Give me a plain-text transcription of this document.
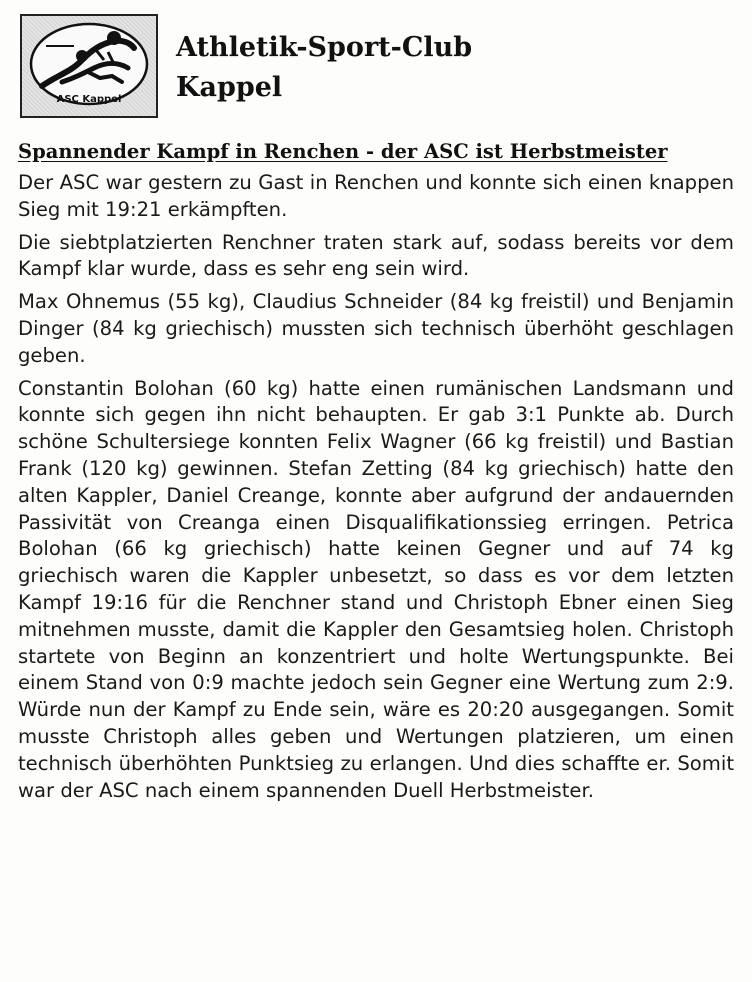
ASC Kappel
Athletik-Sport-Club
Kappel
Spannender Kampf in Renchen - der ASC ist Herbstmeister

Der ASC war gestern zu Gast in Renchen und konnte sich einen knappen Sieg mit 19:21 erkämpften.

Die siebtplatzierten Renchner traten stark auf, sodass bereits vor dem Kampf klar wurde, dass es sehr eng sein wird.

Max Ohnemus (55 kg), Claudius Schneider (84 kg freistil) und Benjamin Dinger (84 kg griechisch) mussten sich technisch überhöht geschlagen geben.

Constantin Bolohan (60 kg) hatte einen rumänischen Landsmann und konnte sich gegen ihn nicht behaupten. Er gab 3:1 Punkte ab. Durch schöne Schultersiege konnten Felix Wagner (66 kg freistil) und Bastian Frank (120 kg) gewinnen. Stefan Zetting (84 kg griechisch) hatte den alten Kappler, Daniel Creange, konnte aber aufgrund der andauernden Passivität von Creanga einen Disqualifikationssieg erringen. Petrica Bolohan (66 kg griechisch) hatte keinen Gegner und auf 74 kg griechisch waren die Kappler unbesetzt, so dass es vor dem letzten Kampf 19:16 für die Renchner stand und Christoph Ebner einen Sieg mitnehmen musste, damit die Kappler den Gesamtsieg holen. Christoph startete von Beginn an konzentriert und holte Wertungspunkte. Bei einem Stand von 0:9 machte jedoch sein Gegner eine Wertung zum 2:9. Würde nun der Kampf zu Ende sein, wäre es 20:20 ausgegangen. Somit musste Christoph alles geben und Wertungen platzieren, um einen technisch überhöhten Punktsieg zu erlangen. Und dies schaffte er. Somit war der ASC nach einem spannenden Duell Herbstmeister.
